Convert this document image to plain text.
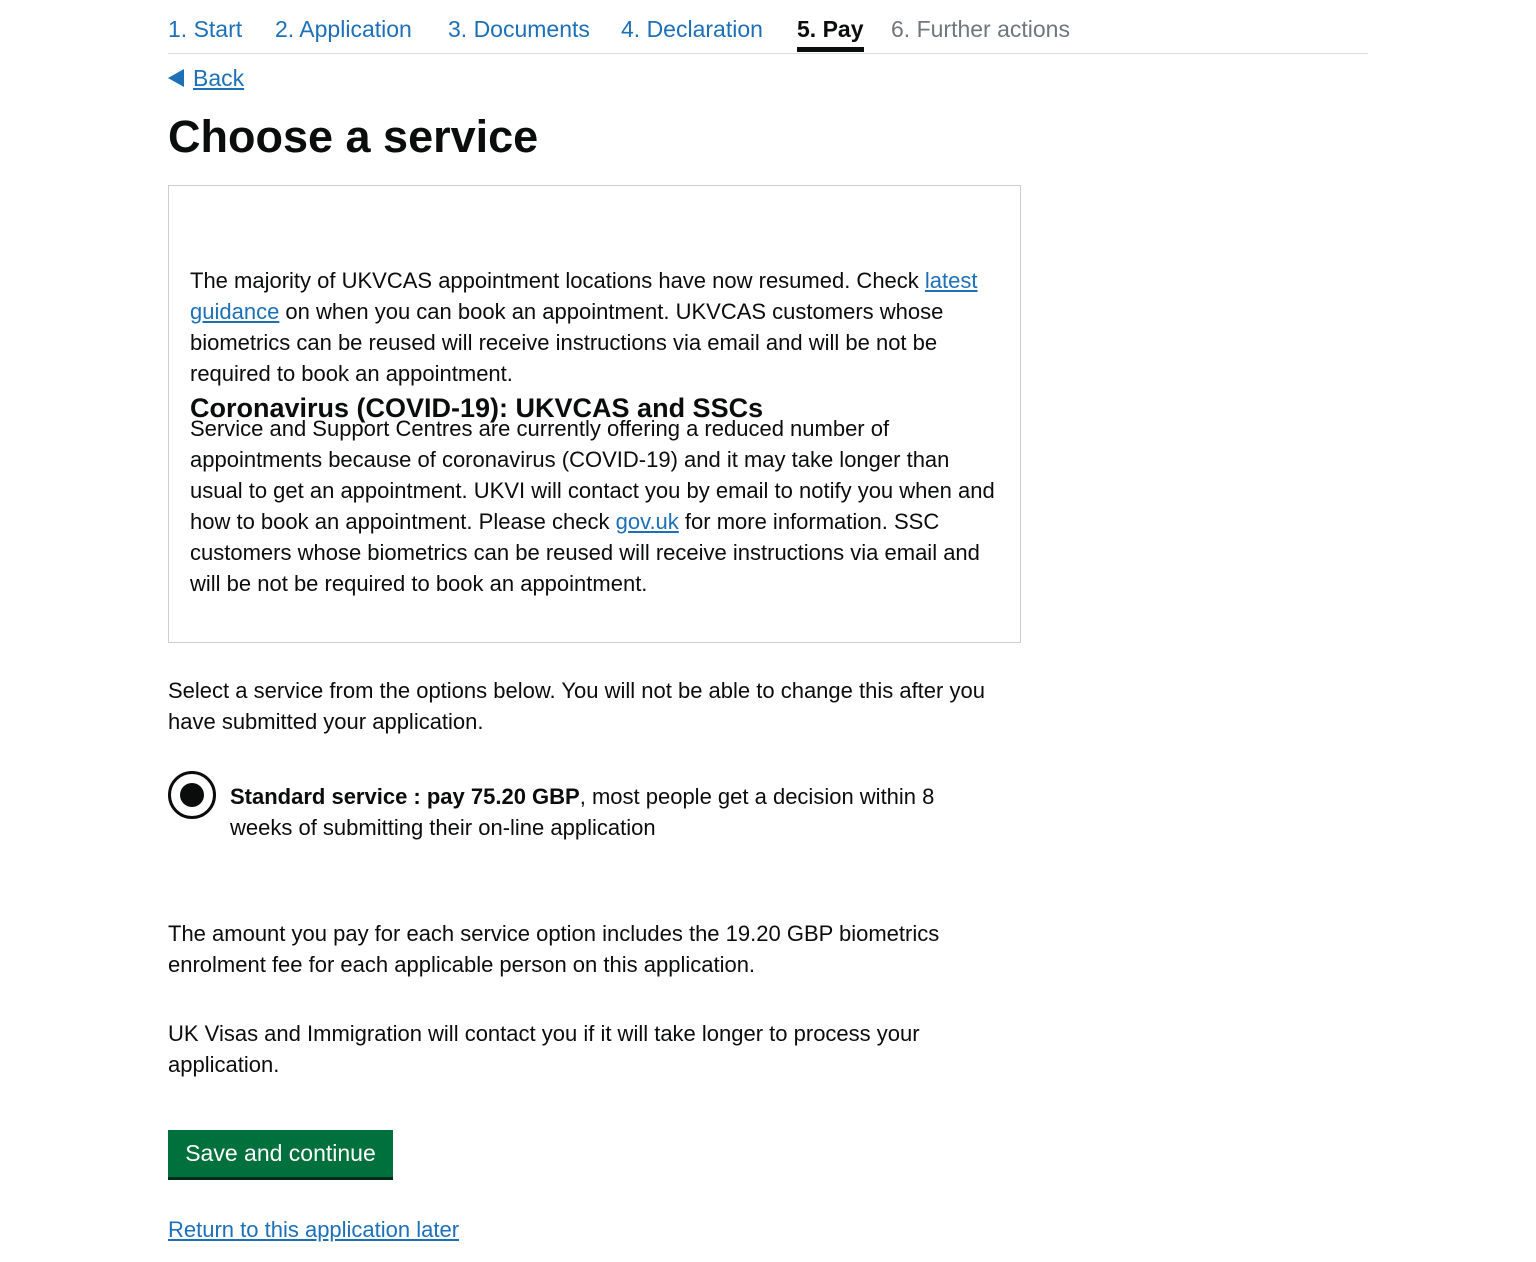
1. Start 2. Application 3. Documents 4. Declaration 5. Pay 6. Further actions
Back
Choose a service
Coronavirus (COVID-19): UKVCAS and SSCs

The majority of UKVCAS appointment locations have now resumed. Check latest guidance on when you can book an appointment. UKVCAS customers whose biometrics can be reused will receive instructions via email and will be not be required to book an appointment.

Service and Support Centres are currently offering a reduced number of appointments because of coronavirus (COVID-19) and it may take longer than usual to get an appointment. UKVI will contact you by email to notify you when and how to book an appointment. Please check gov.uk for more information. SSC customers whose biometrics can be reused will receive instructions via email and will be not be required to book an appointment.

Select a service from the options below. You will not be able to change this after you have submitted your application.

Standard service : pay 75.20 GBP, most people get a decision within 8 weeks of submitting their on-line application

The amount you pay for each service option includes the 19.20 GBP biometrics enrolment fee for each applicable person on this application.

UK Visas and Immigration will contact you if it will take longer to process your application.

Save and continue
Return to this application later
